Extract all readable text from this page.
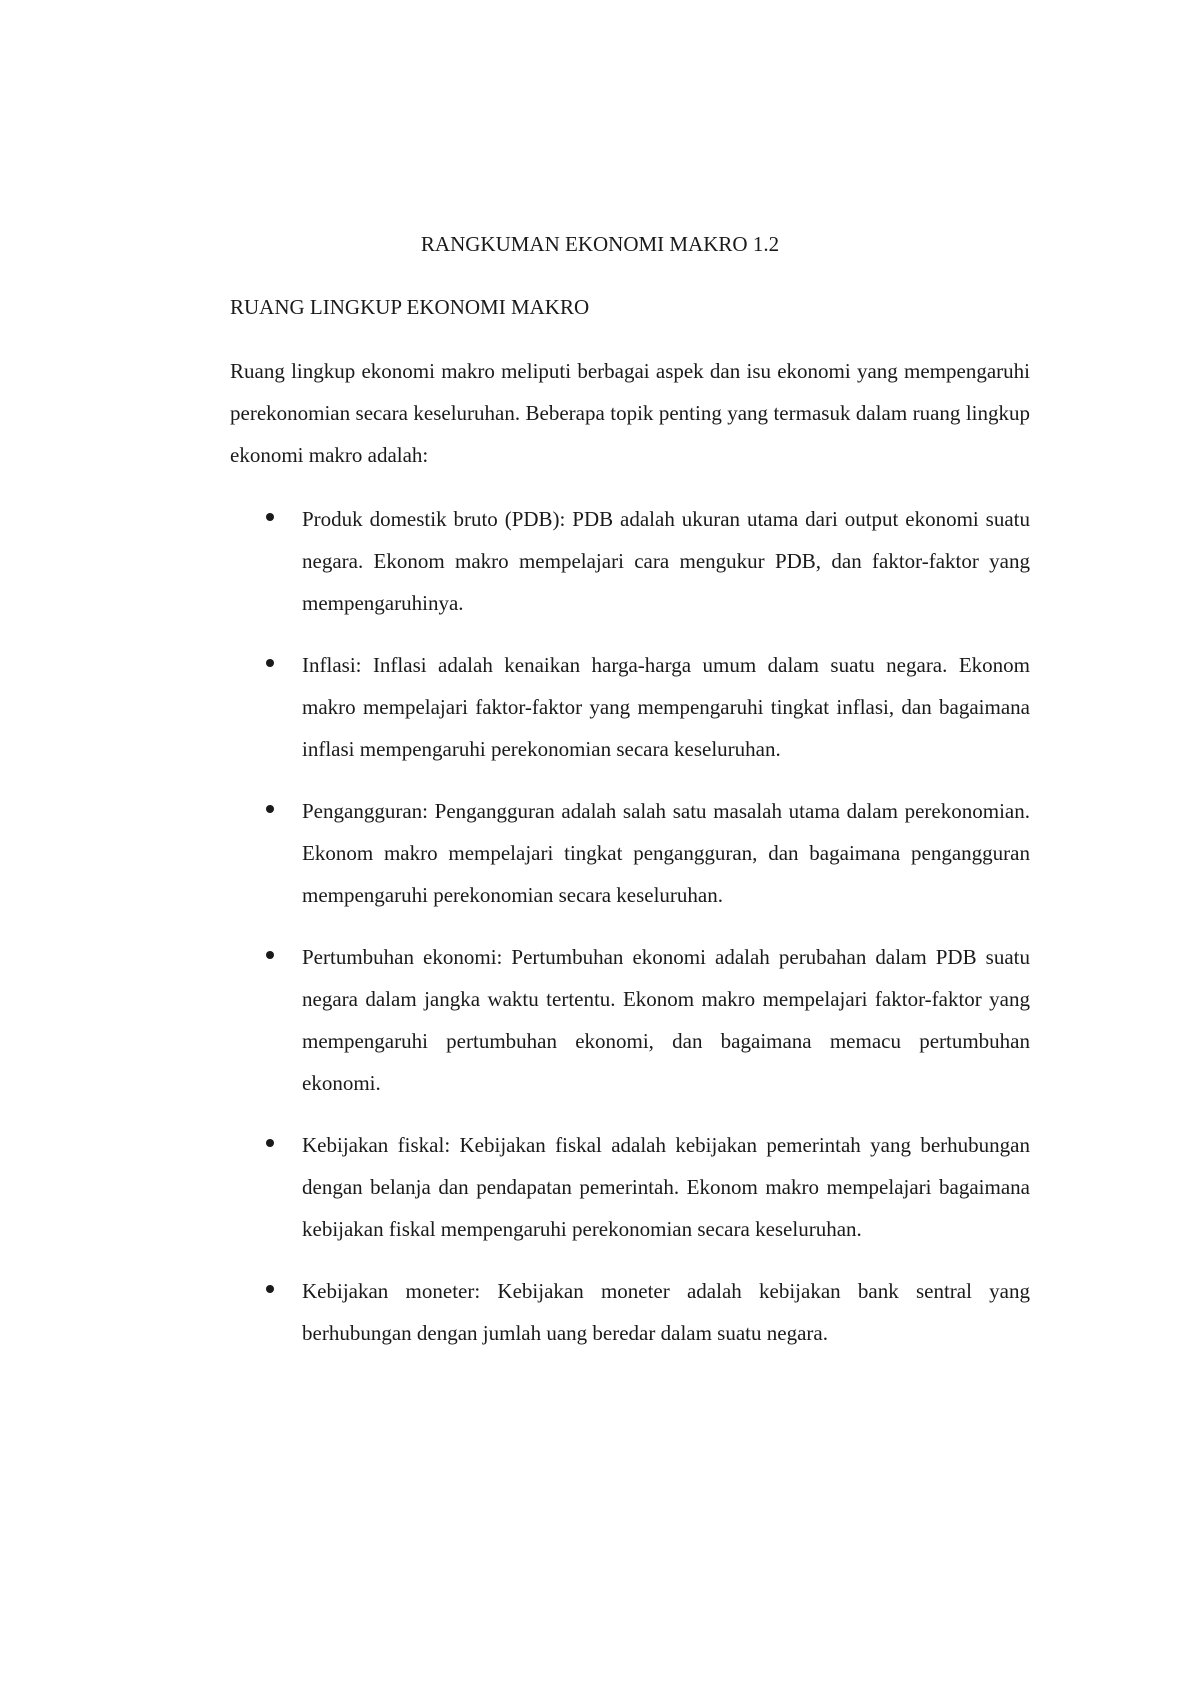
RANGKUMAN EKONOMI MAKRO 1.2
RUANG LINGKUP EKONOMI MAKRO

Ruang lingkup ekonomi makro meliputi berbagai aspek dan isu ekonomi yang mempengaruhi perekonomian secara keseluruhan. Beberapa topik penting yang termasuk dalam ruang lingkup ekonomi makro adalah:

Produk domestik bruto (PDB): PDB adalah ukuran utama dari output ekonomi suatu negara. Ekonom makro mempelajari cara mengukur PDB, dan faktor-faktor yang mempengaruhinya.
Inflasi: Inflasi adalah kenaikan harga-harga umum dalam suatu negara. Ekonom makro mempelajari faktor-faktor yang mempengaruhi tingkat inflasi, dan bagaimana inflasi mempengaruhi perekonomian secara keseluruhan.
Pengangguran: Pengangguran adalah salah satu masalah utama dalam perekonomian. Ekonom makro mempelajari tingkat pengangguran, dan bagaimana pengangguran mempengaruhi perekonomian secara keseluruhan.
Pertumbuhan ekonomi: Pertumbuhan ekonomi adalah perubahan dalam PDB suatu negara dalam jangka waktu tertentu. Ekonom makro mempelajari faktor-faktor yang mempengaruhi pertumbuhan ekonomi, dan bagaimana memacu pertumbuhan ekonomi.
Kebijakan fiskal: Kebijakan fiskal adalah kebijakan pemerintah yang berhubungan dengan belanja dan pendapatan pemerintah. Ekonom makro mempelajari bagaimana kebijakan fiskal mempengaruhi perekonomian secara keseluruhan.
Kebijakan moneter: Kebijakan moneter adalah kebijakan bank sentral yang berhubungan dengan jumlah uang beredar dalam suatu negara.
